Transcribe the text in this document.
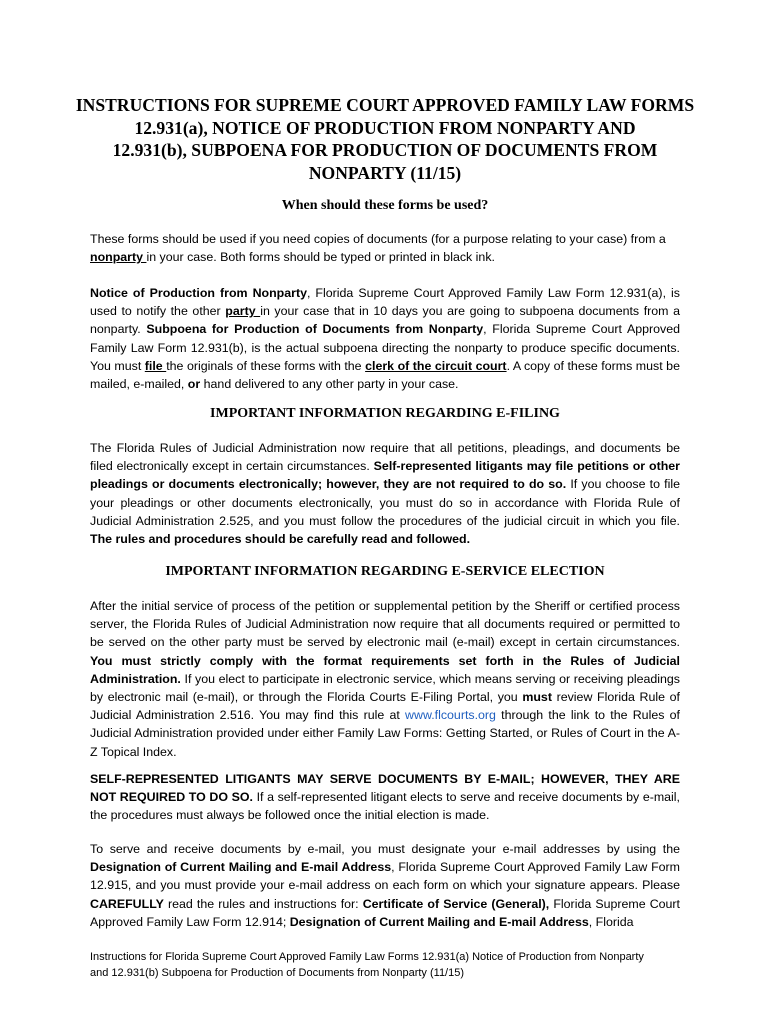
INSTRUCTIONS FOR SUPREME COURT APPROVED FAMILY LAW FORMS
12.931(a), NOTICE OF PRODUCTION FROM NONPARTY AND
12.931(b), SUBPOENA FOR PRODUCTION OF DOCUMENTS FROM
NONPARTY (11/15)
When should these forms be used?

These forms should be used if you need copies of documents (for a purpose relating to your case) from a nonparty in your case. Both forms should be typed or printed in black ink.

Notice of Production from Nonparty, Florida Supreme Court Approved Family Law Form 12.931(a), is used to notify the other party in your case that in 10 days you are going to subpoena documents from a nonparty. Subpoena for Production of Documents from Nonparty, Florida Supreme Court Approved Family Law Form 12.931(b), is the actual subpoena directing the nonparty to produce specific documents. You must file the originals of these forms with the clerk of the circuit court. A copy of these forms must be mailed, e-mailed, or hand delivered to any other party in your case.

IMPORTANT INFORMATION REGARDING E-FILING

The Florida Rules of Judicial Administration now require that all petitions, pleadings, and documents be filed electronically except in certain circumstances. Self-represented litigants may file petitions or other pleadings or documents electronically; however, they are not required to do so. If you choose to file your pleadings or other documents electronically, you must do so in accordance with Florida Rule of Judicial Administration 2.525, and you must follow the procedures of the judicial circuit in which you file. The rules and procedures should be carefully read and followed.

IMPORTANT INFORMATION REGARDING E-SERVICE ELECTION

After the initial service of process of the petition or supplemental petition by the Sheriff or certified process server, the Florida Rules of Judicial Administration now require that all documents required or permitted to be served on the other party must be served by electronic mail (e-mail) except in certain circumstances. You must strictly comply with the format requirements set forth in the Rules of Judicial Administration. If you elect to participate in electronic service, which means serving or receiving pleadings by electronic mail (e-mail), or through the Florida Courts E-Filing Portal, you must review Florida Rule of Judicial Administration 2.516. You may find this rule at www.flcourts.org through the link to the Rules of Judicial Administration provided under either Family Law Forms: Getting Started, or Rules of Court in the A-Z Topical Index.

SELF-REPRESENTED LITIGANTS MAY SERVE DOCUMENTS BY E-MAIL; HOWEVER, THEY ARE NOT REQUIRED TO DO SO. If a self-represented litigant elects to serve and receive documents by e-mail, the procedures must always be followed once the initial election is made.

To serve and receive documents by e-mail, you must designate your e-mail addresses by using the Designation of Current Mailing and E-mail Address, Florida Supreme Court Approved Family Law Form 12.915, and you must provide your e-mail address on each form on which your signature appears. Please CAREFULLY read the rules and instructions for: Certificate of Service (General), Florida Supreme Court Approved Family Law Form 12.914; Designation of Current Mailing and E-mail Address, Florida

Instructions for Florida Supreme Court Approved Family Law Forms 12.931(a) Notice of Production from Nonparty
and 12.931(b) Subpoena for Production of Documents from Nonparty (11/15)
